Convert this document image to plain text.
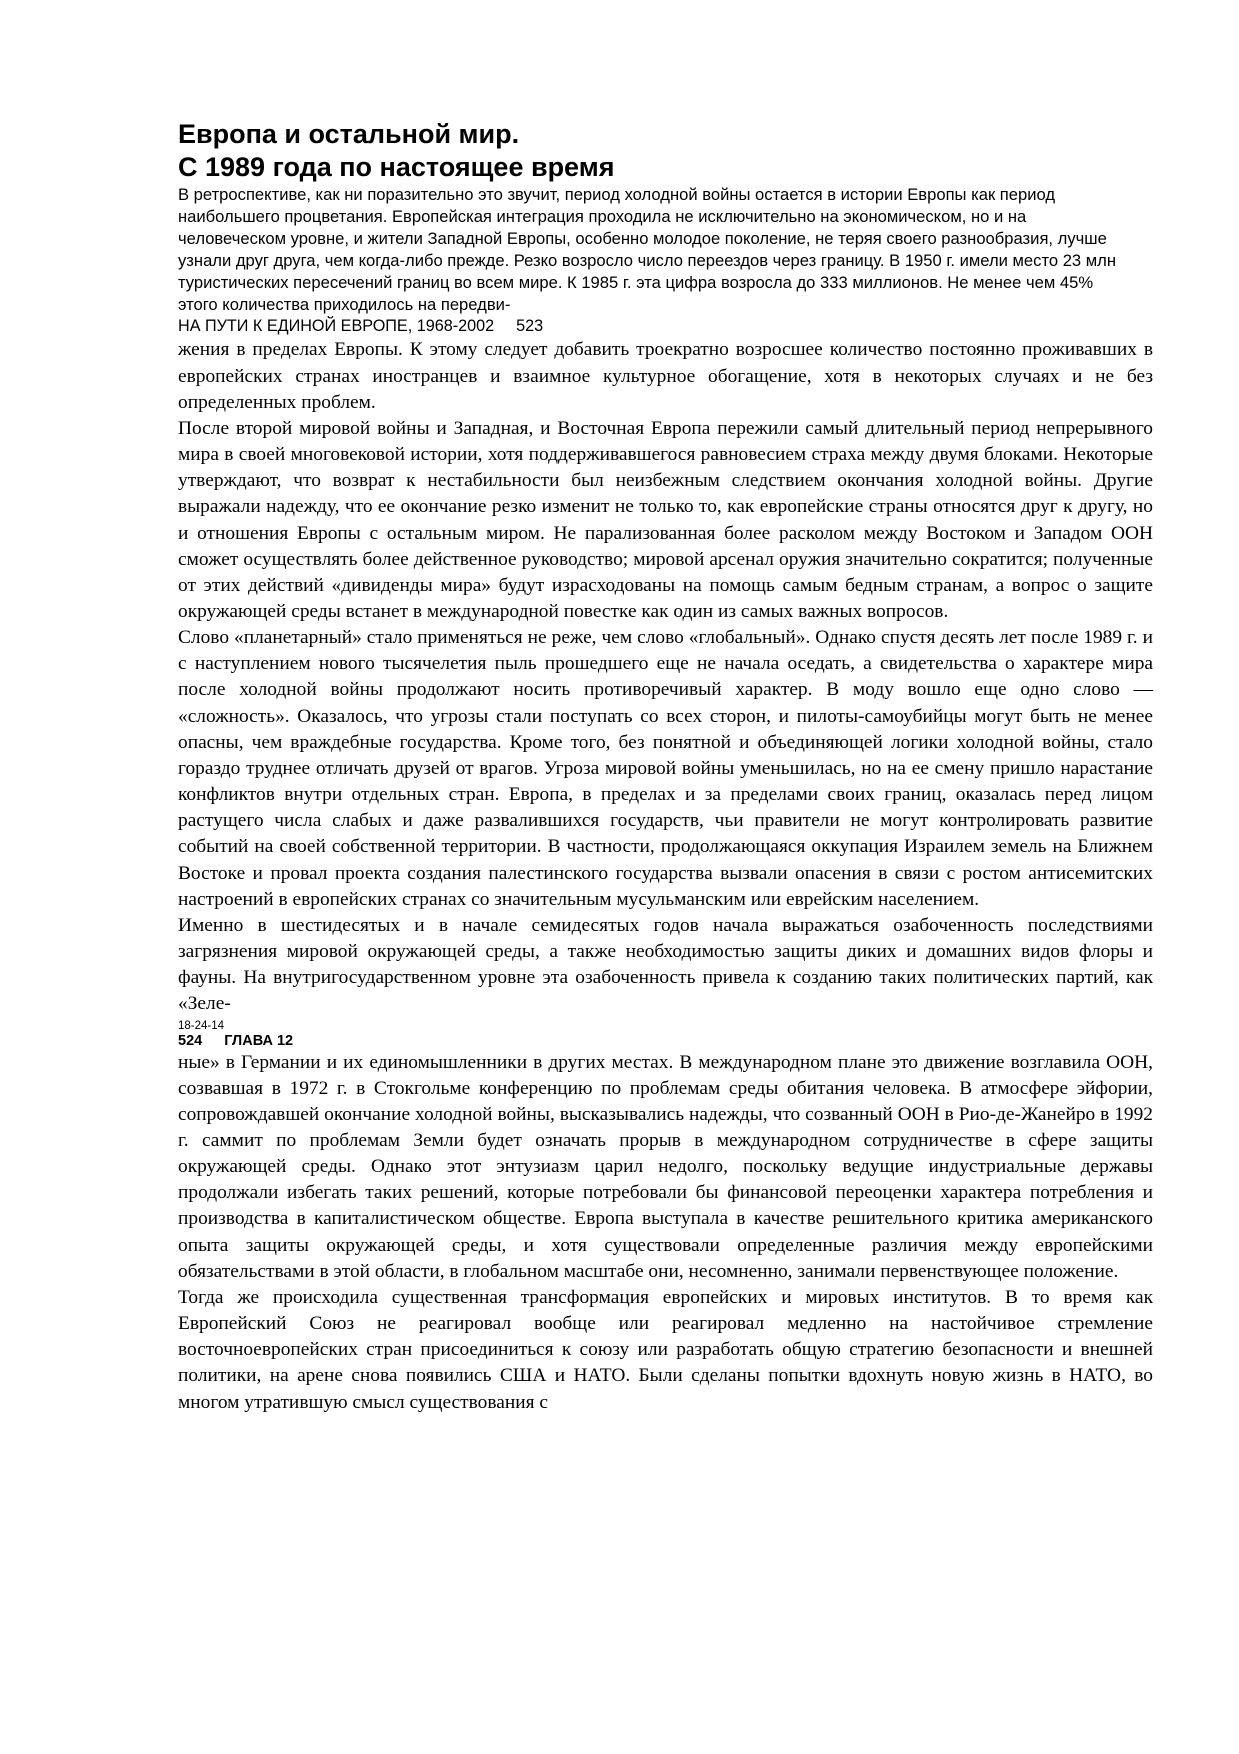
Европа и остальной мир.
С 1989 года по настоящее время

В ретроспективе, как ни поразительно это звучит, период холодной войны остается в истории Европы как период наибольшего процветания. Европейская интеграция проходила не исключительно на экономическом, но и на человеческом уровне, и жители Западной Европы, особенно молодое поколение, не теряя своего разнообразия, лучше узнали друг друга, чем когда-либо прежде. Резко возросло число переездов через границу. В 1950 г. имели место 23 млн туристических пересечений границ во всем мире. К 1985 г. эта цифра возросла до 333 миллионов. Не менее чем 45% этого количества приходилось на передви-

НА ПУТИ К ЕДИНОЙ ЕВРОПЕ, 1968-2002 523

жения в пределах Европы. К этому следует добавить троекратно возросшее количество постоянно проживавших в европейских странах иностранцев и взаимное культурное обогащение, хотя в некоторых случаях и не без определенных проблем.

После второй мировой войны и Западная, и Восточная Европа пережили самый длительный период непрерывного мира в своей многовековой истории, хотя поддерживавшегося равновесием страха между двумя блоками. Некоторые утверждают, что возврат к нестабильности был неизбежным следствием окончания холодной войны. Другие выражали надежду, что ее окончание резко изменит не только то, как европейские страны относятся друг к другу, но и отношения Европы с остальным миром. Не парализованная более расколом между Востоком и Западом ООН сможет осуществлять более действенное руководство; мировой арсенал оружия значительно сократится; полученные от этих действий «дивиденды мира» будут израсходованы на помощь самым бедным странам, а вопрос о защите окружающей среды встанет в международной повестке как один из самых важных вопросов.

Слово «планетарный» стало применяться не реже, чем слово «глобальный». Однако спустя десять лет после 1989 г. и с наступлением нового тысячелетия пыль прошедшего еще не начала оседать, а свидетельства о характере мира после холодной войны продолжают носить противоречивый характер. В моду вошло еще одно слово — «сложность». Оказалось, что угрозы стали поступать со всех сторон, и пилоты-самоубийцы могут быть не менее опасны, чем враждебные государства. Кроме того, без понятной и объединяющей логики холодной войны, стало гораздо труднее отличать друзей от врагов. Угроза мировой войны уменьшилась, но на ее смену пришло нарастание конфликтов внутри отдельных стран. Европа, в пределах и за пределами своих границ, оказалась перед лицом растущего числа слабых и даже развалившихся государств, чьи правители не могут контролировать развитие событий на своей собственной территории. В частности, продолжающаяся оккупация Израилем земель на Ближнем Востоке и провал проекта создания палестинского государства вызвали опасения в связи с ростом антисемитских настроений в европейских странах со значительным мусульманским или еврейским населением.

Именно в шестидесятых и в начале семидесятых годов начала выражаться озабоченность последствиями загрязнения мировой окружающей среды, а также необходимостью защиты диких и домашних видов флоры и фауны. На внутригосударственном уровне эта озабоченность привела к созданию таких политических партий, как «Зеле-

18-24-14
524 ГЛАВА 12

ные» в Германии и их единомышленники в других местах. В международном плане это движение возглавила ООН, созвавшая в 1972 г. в Стокгольме конференцию по проблемам среды обитания человека. В атмосфере эйфории, сопровождавшей окончание холодной войны, высказывались надежды, что созванный ООН в Рио-де-Жанейро в 1992 г. саммит по проблемам Земли будет означать прорыв в международном сотрудничестве в сфере защиты окружающей среды. Однако этот энтузиазм царил недолго, поскольку ведущие индустриальные державы продолжали избегать таких решений, которые потребовали бы финансовой переоценки характера потребления и производства в капиталистическом обществе. Европа выступала в качестве решительного критика американского опыта защиты окружающей среды, и хотя существовали определенные различия между европейскими обязательствами в этой области, в глобальном масштабе они, несомненно, занимали первенствующее положение.

Тогда же происходила существенная трансформация европейских и мировых институтов. В то время как Европейский Союз не реагировал вообще или реагировал медленно на настойчивое стремление восточноевропейских стран присоединиться к союзу или разработать общую стратегию безопасности и внешней политики, на арене снова появились США и НАТО. Были сделаны попытки вдохнуть новую жизнь в НАТО, во многом утратившую смысл существования с
